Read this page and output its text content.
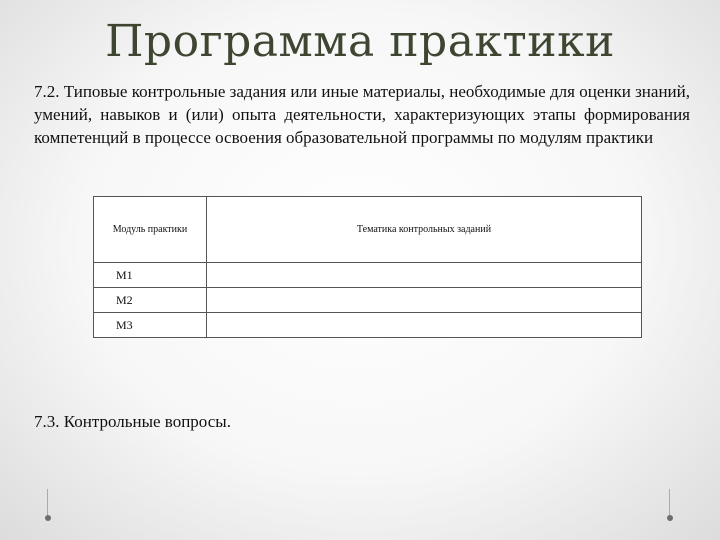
Программа практики
7.2. Типовые контрольные задания или иные материалы, необходимые для оценки знаний, умений, навыков и (или) опыта деятельности, характеризующих этапы формирования компетенций в процессе освоения образовательной программы по модулям практики
Модуль практики	Тематика контрольных заданий
М1	
М2	
М3	
7.3. Контрольные вопросы.
